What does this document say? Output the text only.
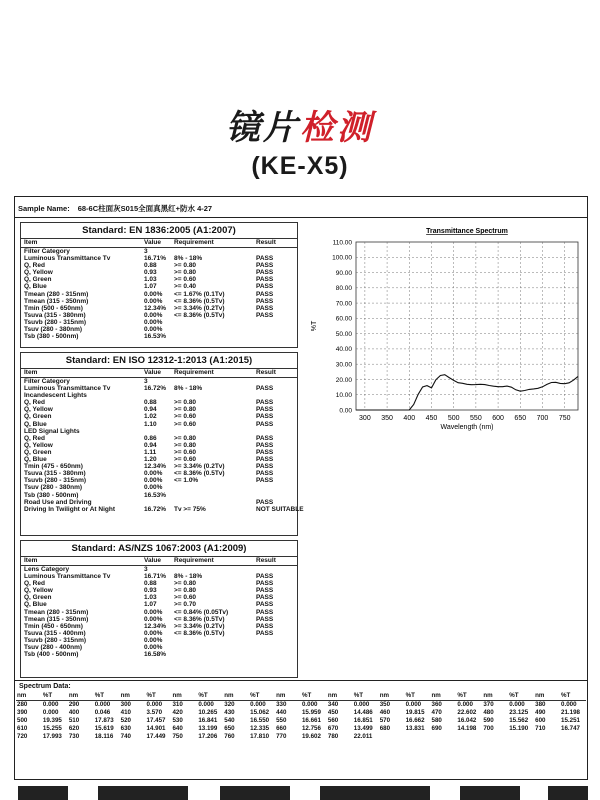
镜片检测
(KE-X5)
Sample Name: 68-6C柱面灰S015全面真黑红+防水 4-27
Standard: EN 1836:2005 (A1:2007)
Item	Value	Requirement	Result
Filter Category	3
Luminous Transmittance Tv	16.71%	8% - 18%	PASS
Q, Red	0.88	>= 0.80	PASS
Q, Yellow	0.93	>= 0.80	PASS
Q, Green	1.03	>= 0.60	PASS
Q, Blue	1.07	>= 0.40	PASS
Tmean (280 - 315nm)	0.00%	<= 1.67% (0.1Tv)	PASS
Tmean (315 - 350nm)	0.00%	<= 8.36% (0.5Tv)	PASS
Tmin (500 - 650nm)	12.34%	>= 3.34% (0.2Tv)	PASS
Tsuva (315 - 380nm)	0.00%	<= 8.36% (0.5Tv)	PASS
Tsuvb (280 - 315nm)	0.00%
Tsuv (280 - 380nm)	0.00%
Tsb (380 - 500nm)	16.53%
Standard: EN ISO 12312-1:2013 (A1:2015)
Item	Value	Requirement	Result
Filter Category	3
Luminous Transmittance Tv	16.72%	8% - 18%	PASS
Incandescent Lights
Q, Red	0.88	>= 0.80	PASS
Q, Yellow	0.94	>= 0.80	PASS
Q, Green	1.02	>= 0.60	PASS
Q, Blue	1.10	>= 0.60	PASS
LED Signal Lights
Q, Red	0.86	>= 0.80	PASS
Q, Yellow	0.94	>= 0.80	PASS
Q, Green	1.11	>= 0.60	PASS
Q, Blue	1.20	>= 0.60	PASS
Tmin (475 - 650nm)	12.34%	>= 3.34% (0.2Tv)	PASS
Tsuva (315 - 380nm)	0.00%	<= 8.36% (0.5Tv)	PASS
Tsuvb (280 - 315nm)	0.00%	<= 1.0%	PASS
Tsuv (280 - 380nm)	0.00%
Tsb (380 - 500nm)	16.53%
Road Use and Driving	PASS
Driving In Twilight or At Night	16.72%	Tv >= 75%	NOT SUITABLE
Standard: AS/NZS 1067:2003 (A1:2009)
Item	Value	Requirement	Result
Lens Category	3
Luminous Transmittance Tv	16.71%	8% - 18%	PASS
Q, Red	0.88	>= 0.80	PASS
Q, Yellow	0.93	>= 0.80	PASS
Q, Green	1.03	>= 0.60	PASS
Q, Blue	1.07	>= 0.70	PASS
Tmean (280 - 315nm)	0.00%	<= 0.84% (0.05Tv)	PASS
Tmean (315 - 350nm)	0.00%	<= 8.36% (0.5Tv)	PASS
Tmin (450 - 650nm)	12.34%	>= 3.34% (0.2Tv)	PASS
Tsuva (315 - 400nm)	0.00%	<= 8.36% (0.5Tv)	PASS
Tsuvb (280 - 315nm)	0.00%
Tsuv (280 - 400nm)	0.00%
Tsb (400 - 500nm)	16.58%
Transmittance Spectrum
0.00
10.00
20.00
30.00
40.00
50.00
60.00
70.00
80.00
90.00
100.00
110.00
300 350 400 450 500 550 600 650 700 750
Wavelength (nm)
%T
Spectrum Data:
nm	%T	nm	%T	nm	%T	nm	%T	nm	%T	nm	%T	nm	%T	nm	%T	nm	%T	nm	%T	nm	%T
280	0.000	290	0.000	300	0.000	310	0.000	320	0.000	330	0.000	340	0.000	350	0.000	360	0.000	370	0.000	380	0.000
390	0.000	400	0.046	410	3.570	420	10.265	430	15.062	440	15.959	450	14.486	460	19.815	470	22.602	480	23.125	490	21.198
500	19.395	510	17.873	520	17.457	530	16.841	540	16.550	550	16.661	560	16.851	570	16.662	580	16.042	590	15.562	600	15.251
610	15.255	620	15.619	630	14.901	640	13.199	650	12.335	660	12.756	670	13.499	680	13.831	690	14.198	700	15.190	710	16.747
720	17.993	730	18.116	740	17.449	750	17.206	760	17.810	770	19.602	780	22.011								
